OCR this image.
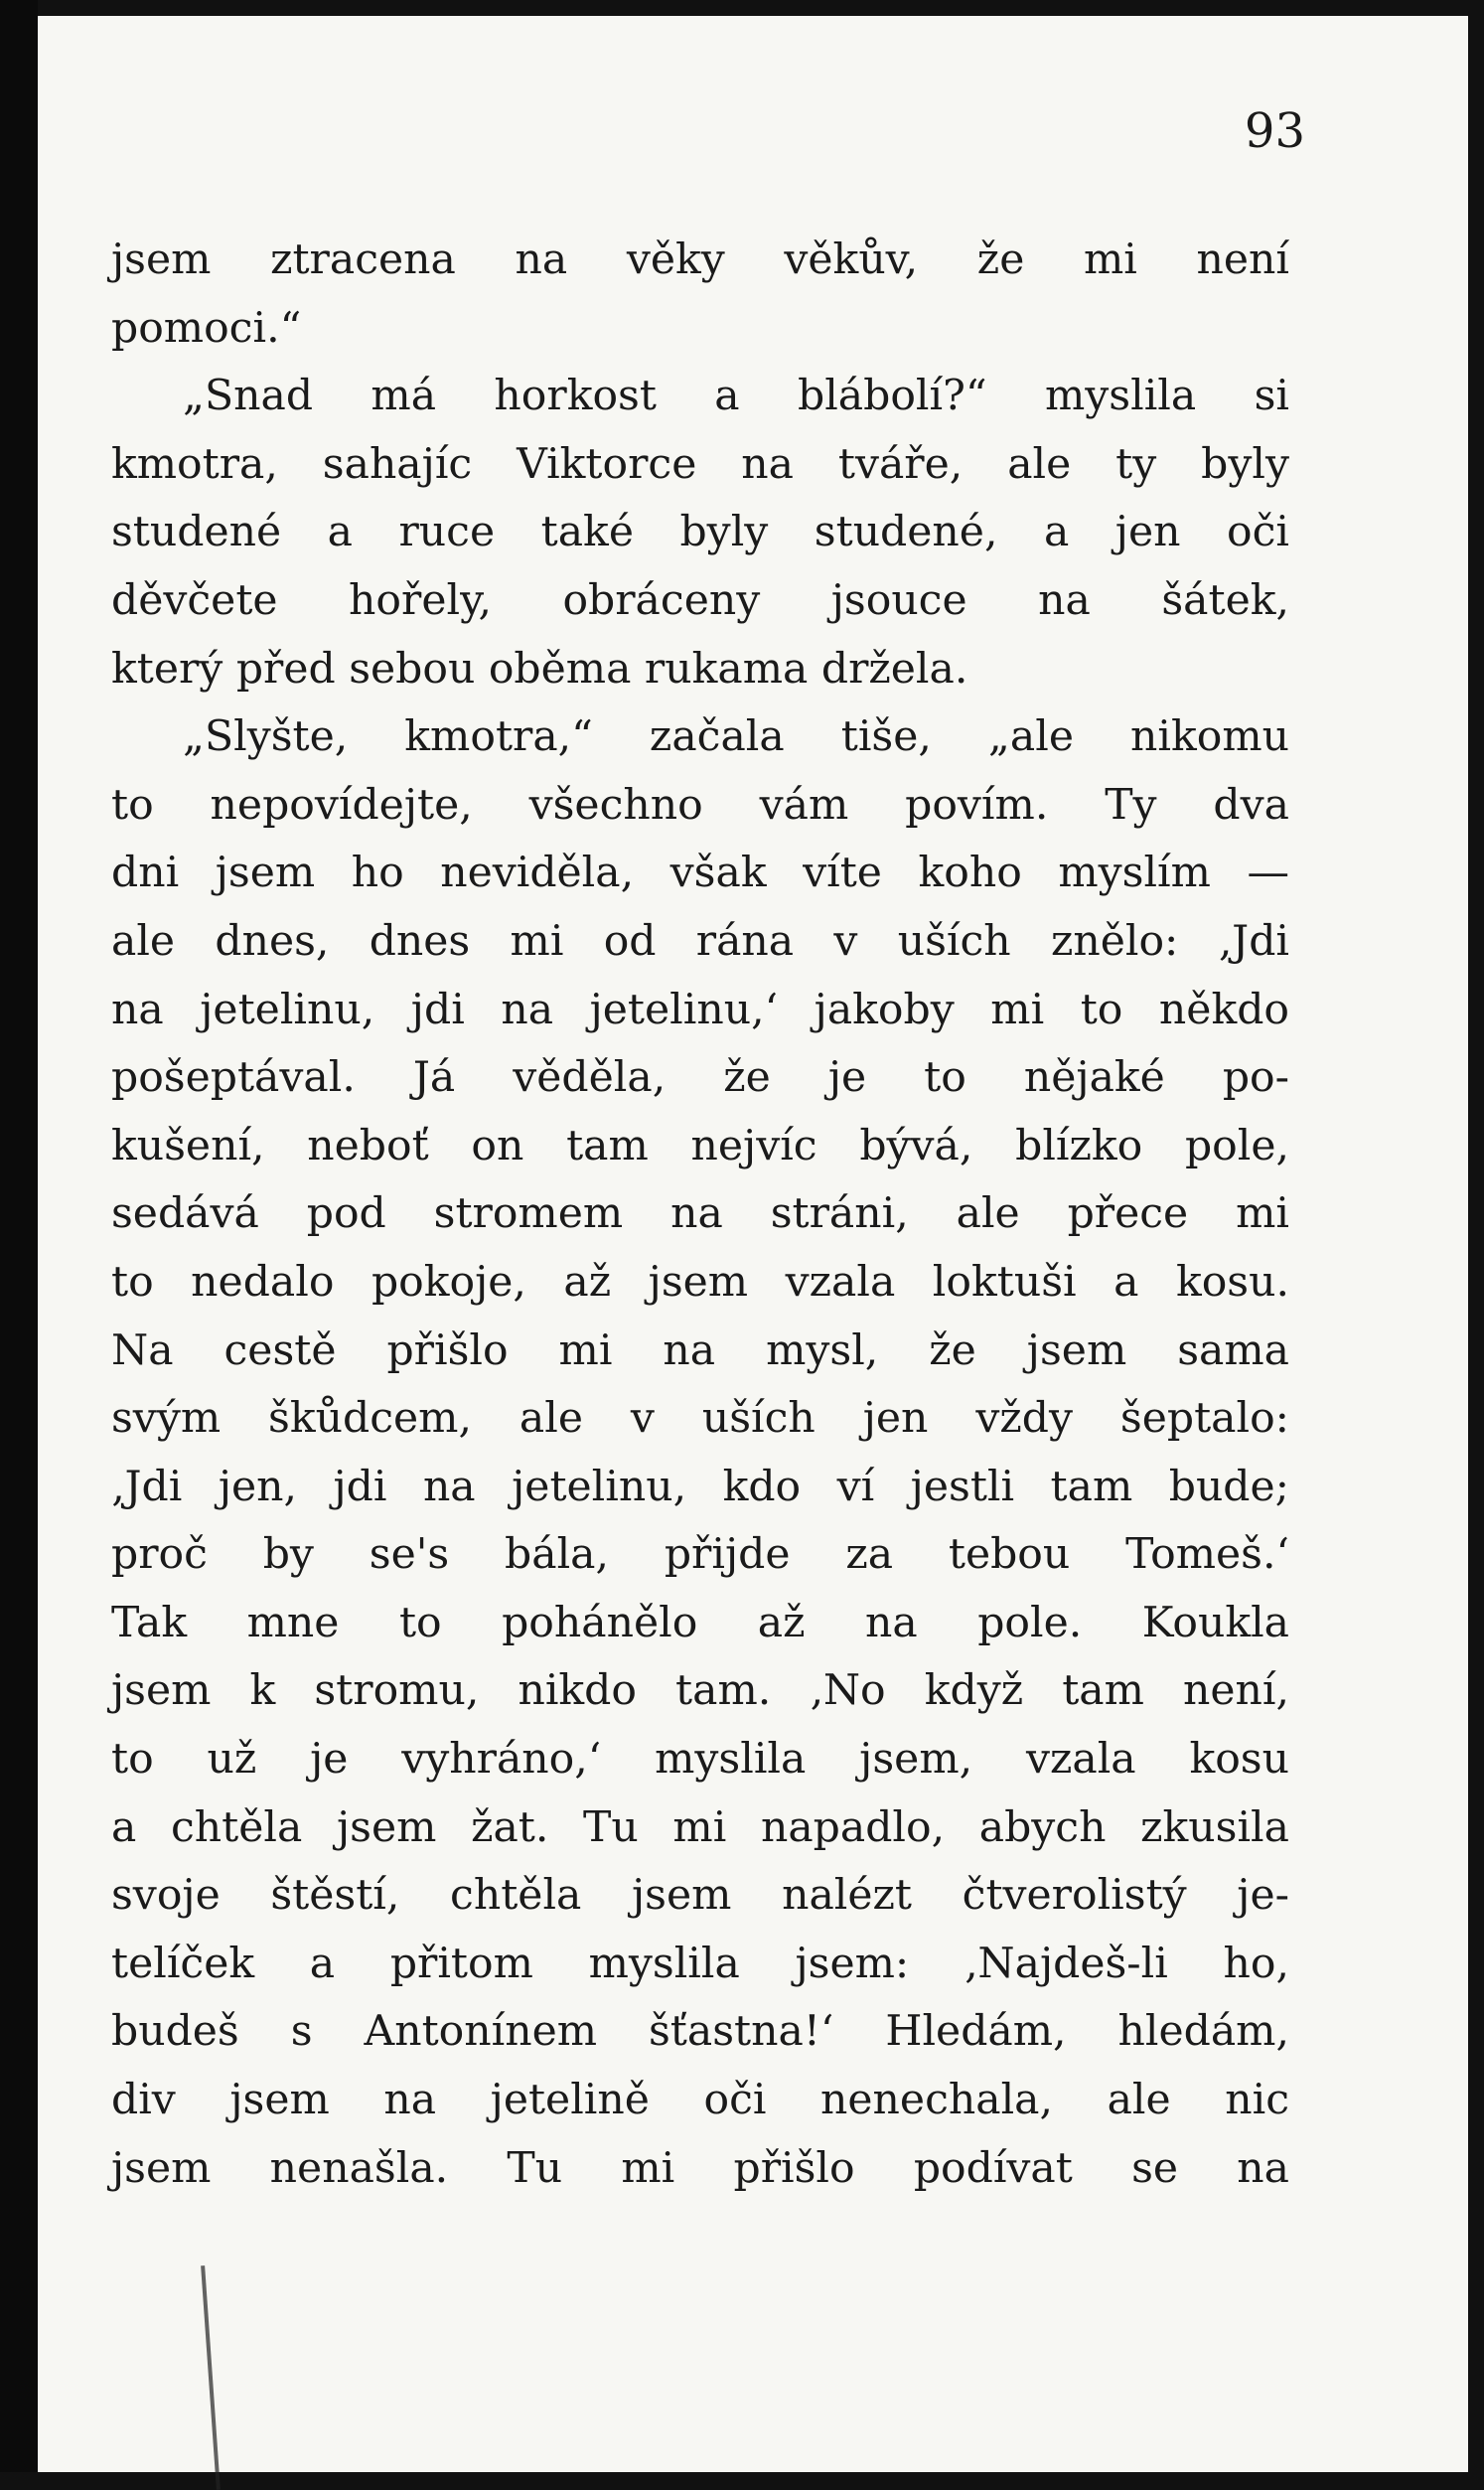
93
jsem ztracena na věky věkův, že mi není
pomoci.“
„Snad má horkost a blábolí?“ myslila si
kmotra, sahajíc Viktorce na tváře, ale ty byly
studené a ruce také byly studené, a jen oči
děvčete hořely, obráceny jsouce na šátek,
který před sebou oběma rukama držela.
„Slyšte, kmotra,“ začala tiše, „ale nikomu
to nepovídejte, všechno vám povím. Ty dva
dni jsem ho neviděla, však víte koho myslím —
ale dnes, dnes mi od rána v uších znělo: ‚Jdi
na jetelinu, jdi na jetelinu,‘ jakoby mi to někdo
pošeptával. Já věděla, že je to nějaké po-
kušení, neboť on tam nejvíc bývá, blízko pole,
sedává pod stromem na stráni, ale přece mi
to nedalo pokoje, až jsem vzala loktuši a kosu.
Na cestě přišlo mi na mysl, že jsem sama
svým škůdcem, ale v uších jen vždy šeptalo:
‚Jdi jen, jdi na jetelinu, kdo ví jestli tam bude;
proč by se's bála, přijde za tebou Tomeš.‘
Tak mne to pohánělo až na pole. Koukla
jsem k stromu, nikdo tam. ‚No když tam není,
to už je vyhráno,‘ myslila jsem, vzala kosu
a chtěla jsem žat. Tu mi napadlo, abych zkusila
svoje štěstí, chtěla jsem nalézt čtverolistý je-
telíček a přitom myslila jsem: ‚Najdeš-li ho,
budeš s Antonínem šťastna!‘ Hledám, hledám,
div jsem na jetelině oči nenechala, ale nic
jsem nenašla. Tu mi přišlo podívat se na
